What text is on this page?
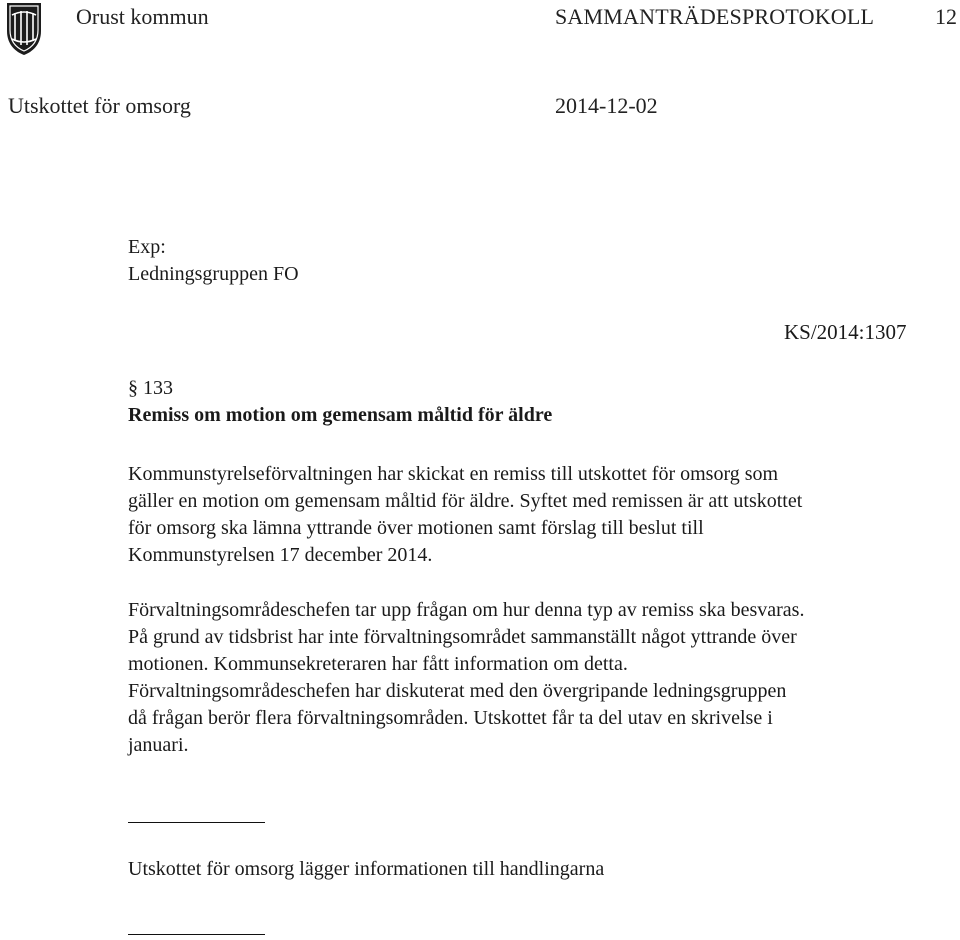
Orust kommun	SAMMANTRÄDESPROTOKOLL	12
Utskottet för omsorg	2014-12-02
Exp:
Ledningsgruppen FO
KS/2014:1307
§ 133
Remiss om motion om gemensam måltid för äldre
Kommunstyrelseförvaltningen har skickat en remiss till utskottet för omsorg som
gäller en motion om gemensam måltid för äldre. Syftet med remissen är att utskottet
för omsorg ska lämna yttrande över motionen samt förslag till beslut till
Kommunstyrelsen 17 december 2014.
Förvaltningsområdeschefen tar upp frågan om hur denna typ av remiss ska besvaras.
På grund av tidsbrist har inte förvaltningsområdet sammanställt något yttrande över
motionen. Kommunsekreteraren har fått information om detta.
Förvaltningsområdeschefen har diskuterat med den övergripande ledningsgruppen
då frågan berör flera förvaltningsområden. Utskottet får ta del utav en skrivelse i
januari.
Utskottet för omsorg lägger informationen till handlingarna
